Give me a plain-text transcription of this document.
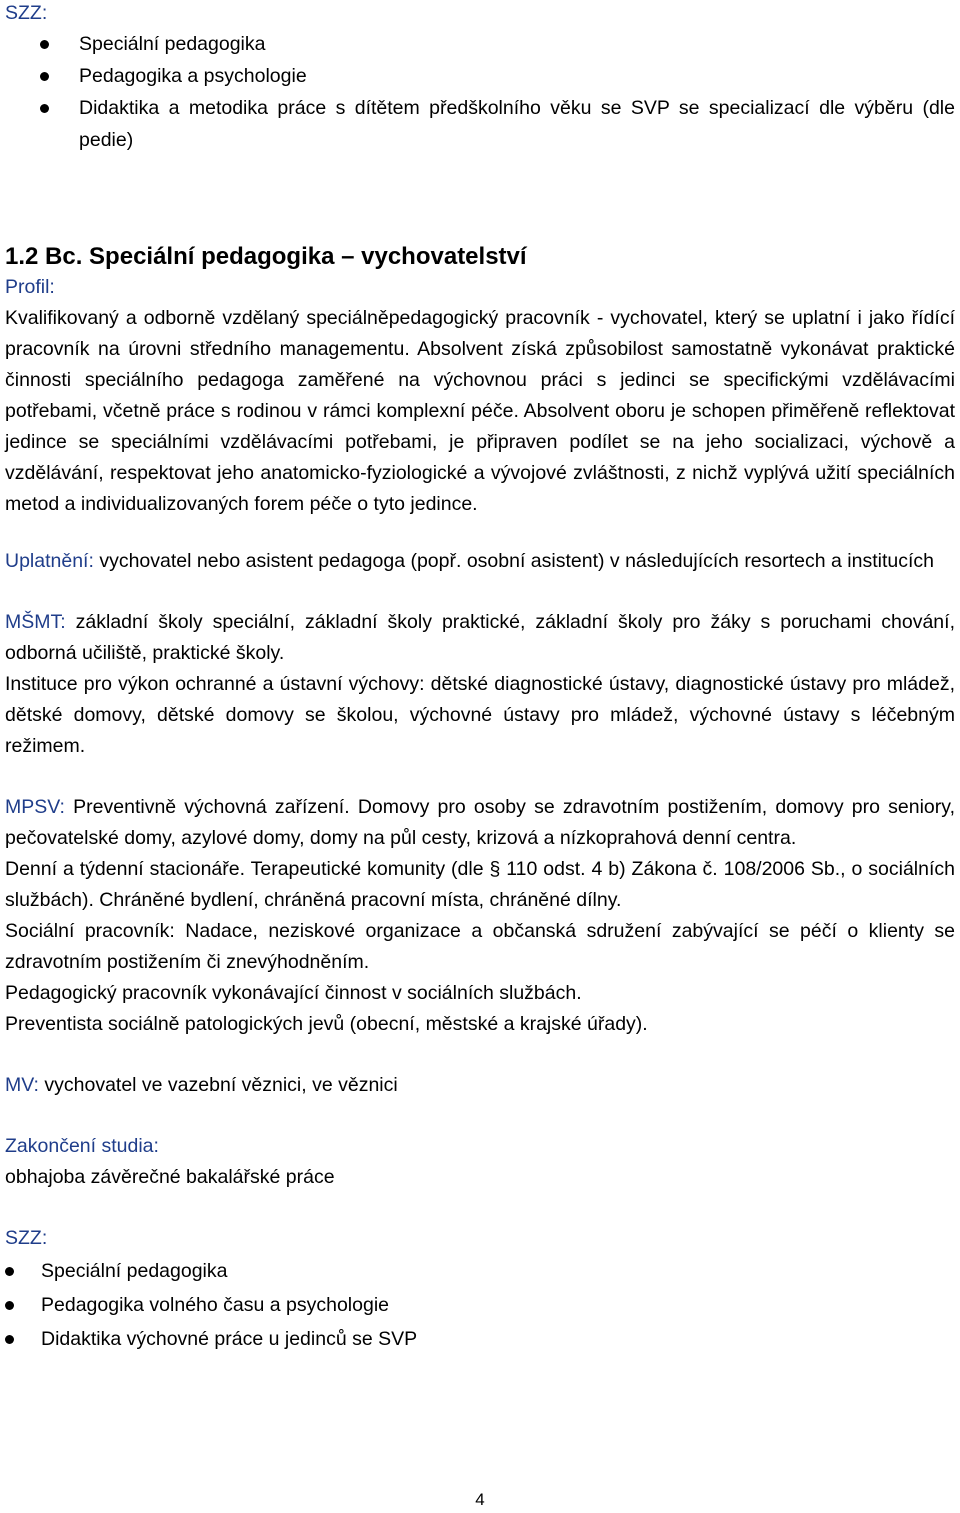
SZZ:

Speciální pedagogika
Pedagogika a psychologie
Didaktika a metodika práce s dítětem předškolního věku se SVP se specializací dle výběru (dle pedie)
1.2 Bc. Speciální pedagogika – vychovatelství

Profil:

Kvalifikovaný a odborně vzdělaný speciálněpedagogický pracovník - vychovatel, který se uplatní i jako řídící pracovník na úrovni středního managementu. Absolvent získá způsobilost samostatně vykonávat praktické činnosti speciálního pedagoga zaměřené na výchovnou práci s jedinci se specifickými vzdělávacími potřebami, včetně práce s rodinou v rámci komplexní péče. Absolvent oboru je schopen přiměřeně reflektovat jedince se speciálními vzdělávacími potřebami, je připraven podílet se na jeho socializaci, výchově a vzdělávání, respektovat jeho anatomicko-fyziologické a vývojové zvláštnosti, z nichž vyplývá užití speciálních metod a individualizovaných forem péče o tyto jedince.

Uplatnění: vychovatel nebo asistent pedagoga (popř. osobní asistent) v následujících resortech a institucích

MŠMT: základní školy speciální, základní školy praktické, základní školy pro žáky s poruchami chování, odborná učiliště, praktické školy.

Instituce pro výkon ochranné a ústavní výchovy: dětské diagnostické ústavy, diagnostické ústavy pro mládež, dětské domovy, dětské domovy se školou, výchovné ústavy pro mládež, výchovné ústavy s léčebným režimem.

MPSV: Preventivně výchovná zařízení. Domovy pro osoby se zdravotním postižením, domovy pro seniory, pečovatelské domy, azylové domy, domy na půl cesty, krizová a nízkoprahová denní centra.

Denní a týdenní stacionáře. Terapeutické komunity (dle § 110 odst. 4 b) Zákona č. 108/2006 Sb., o sociálních službách). Chráněné bydlení, chráněná pracovní místa, chráněné dílny.

Sociální pracovník: Nadace, neziskové organizace a občanská sdružení zabývající se péčí o klienty se zdravotním postižením či znevýhodněním.

Pedagogický pracovník vykonávající činnost v sociálních službách.

Preventista sociálně patologických jevů (obecní, městské a krajské úřady).

MV: vychovatel ve vazební věznici, ve věznici

Zakončení studia:

obhajoba závěrečné bakalářské práce

SZZ:

Speciální pedagogika
Pedagogika volného času a psychologie
Didaktika výchovné práce u jedinců se SVP
4
